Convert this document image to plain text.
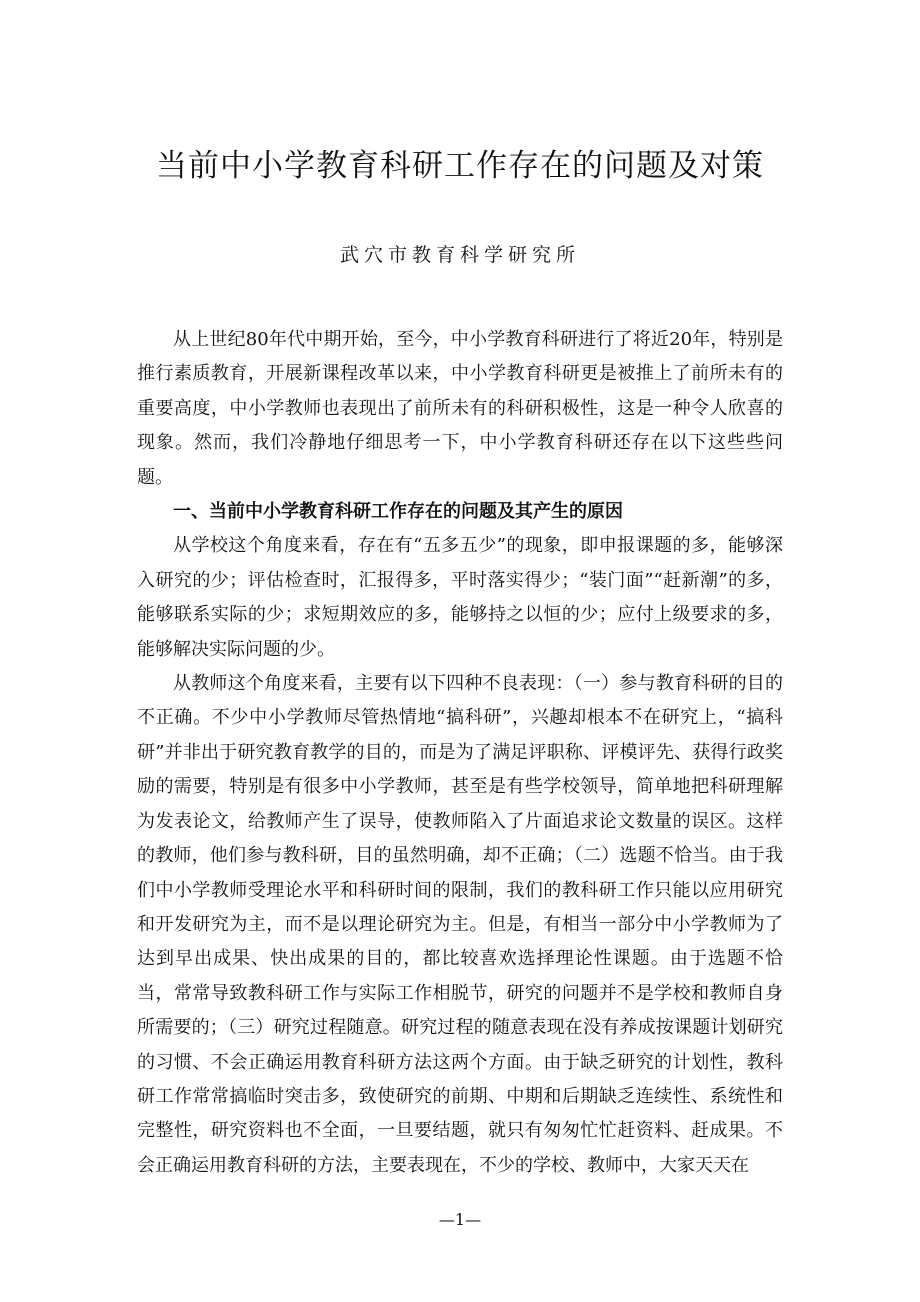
当前中小学教育科研工作存在的问题及对策
武穴市教育科学研究所

从上世纪80年代中期开始，至今，中小学教育科研进行了将近20年，特别是推行素质教育，开展新课程改革以来，中小学教育科研更是被推上了前所未有的重要高度，中小学教师也表现出了前所未有的科研积极性，这是一种令人欣喜的现象。然而，我们冷静地仔细思考一下，中小学教育科研还存在以下这些些问题。

一、当前中小学教育科研工作存在的问题及其产生的原因

从学校这个角度来看，存在有“五多五少”的现象，即申报课题的多，能够深入研究的少；评估检查时，汇报得多，平时落实得少；“装门面”“赶新潮”的多，能够联系实际的少；求短期效应的多，能够持之以恒的少；应付上级要求的多，能够解决实际问题的少。

从教师这个角度来看，主要有以下四种不良表现：（一）参与教育科研的目的不正确。不少中小学教师尽管热情地“搞科研”，兴趣却根本不在研究上，“搞科研”并非出于研究教育教学的目的，而是为了满足评职称、评模评先、获得行政奖励的需要，特别是有很多中小学教师，甚至是有些学校领导，简单地把科研理解为发表论文，给教师产生了误导，使教师陷入了片面追求论文数量的误区。这样的教师，他们参与教科研，目的虽然明确，却不正确；（二）选题不恰当。由于我们中小学教师受理论水平和科研时间的限制，我们的教科研工作只能以应用研究和开发研究为主，而不是以理论研究为主。但是，有相当一部分中小学教师为了达到早出成果、快出成果的目的，都比较喜欢选择理论性课题。由于选题不恰当，常常导致教科研工作与实际工作相脱节，研究的问题并不是学校和教师自身所需要的；（三）研究过程随意。研究过程的随意表现在没有养成按课题计划研究的习惯、不会正确运用教育科研方法这两个方面。由于缺乏研究的计划性，教科研工作常常搞临时突击多，致使研究的前期、中期和后期缺乏连续性、系统性和完整性，研究资料也不全面，一旦要结题，就只有匆匆忙忙赶资料、赶成果。不会正确运用教育科研的方法，主要表现在，不少的学校、教师中，大家天天在

—1—
